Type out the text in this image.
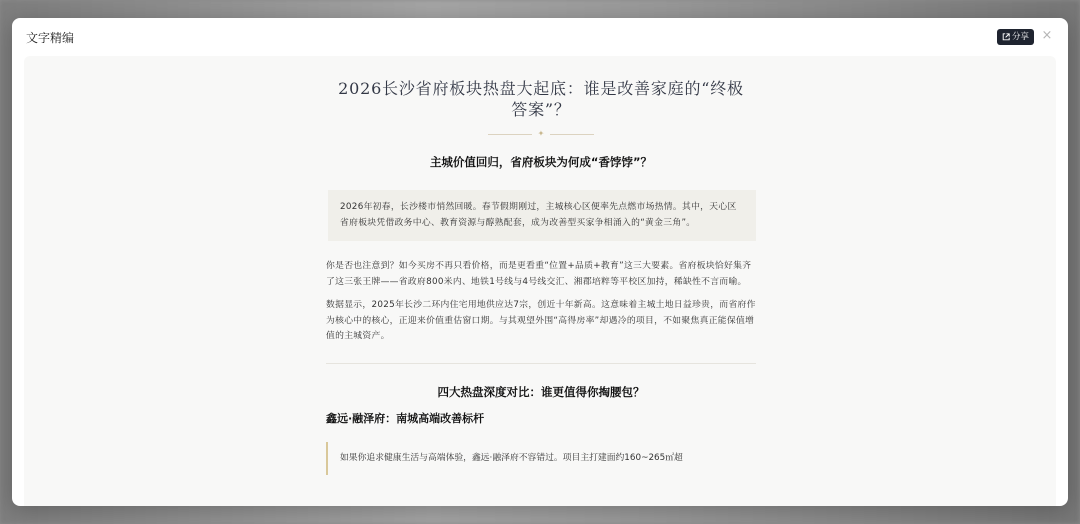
文字精编	分享 ×
2026长沙省府板块热盘大起底：谁是改善家庭的“终极答案”？
✦
主城价值回归，省府板块为何成“香饽饽”？
2026年初春，长沙楼市悄然回暖。春节假期刚过，主城核心区便率先点燃市场热情。其中，天心区省府板块凭借政务中心、教育资源与醇熟配套，成为改善型买家争相涌入的“黄金三角”。
你是否也注意到？如今买房不再只看价格，而是更看重“位置+品质+教育”这三大要素。省府板块恰好集齐了这三张王牌——省政府800米内、地铁1号线与4号线交汇、湘郡培粹等平校区加持，稀缺性不言而喻。
数据显示，2025年长沙二环内住宅用地供应达7宗，创近十年新高。这意味着主城土地日益珍贵，而省府作为核心中的核心，正迎来价值重估窗口期。与其观望外围“高得房率”却遇冷的项目，不如聚焦真正能保值增值的主城资产。
四大热盘深度对比：谁更值得你掏腰包？
鑫远·融泽府：南城高端改善标杆
如果你追求健康生活与高端体验，鑫远·融泽府不容错过。项目主打建面约160~265㎡超
